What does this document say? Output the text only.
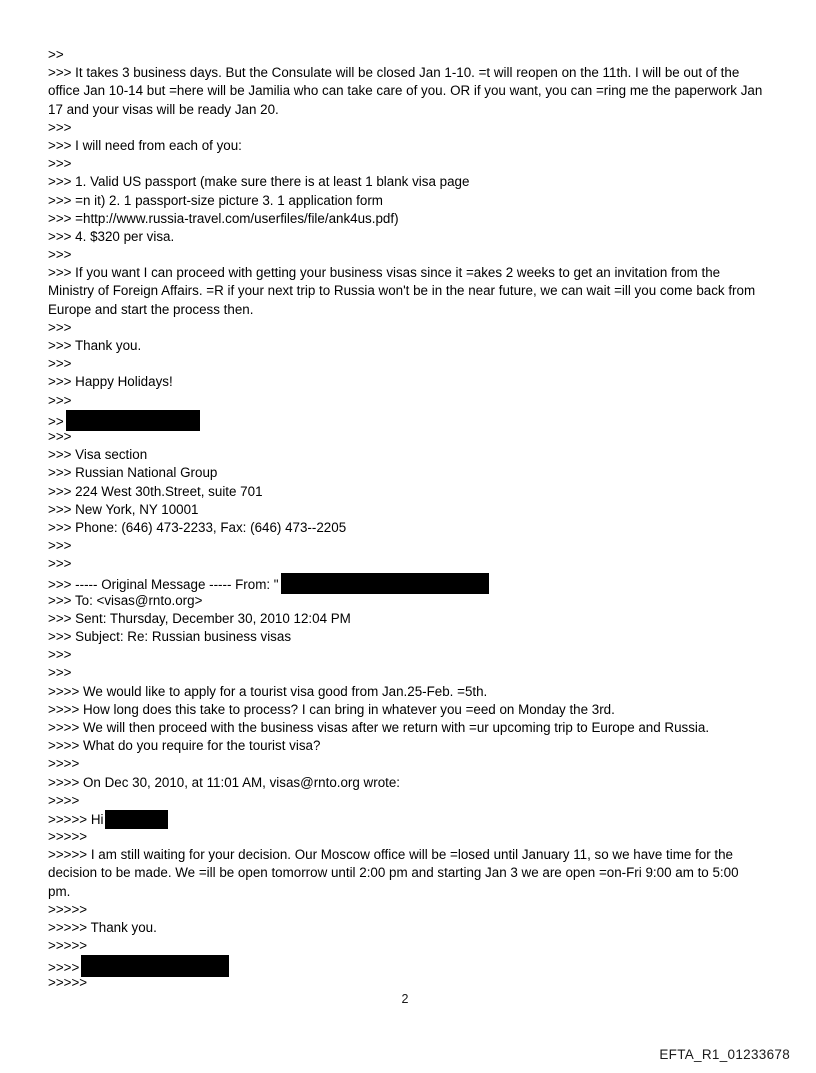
>>
>>> It takes 3 business days. But the Consulate will be closed Jan 1-10. =t will reopen on the 11th. I will be out of the
office Jan 10-14 but =here will be Jamilia who can take care of you. OR if you want, you can =ring me the paperwork Jan
17 and your visas will be ready Jan 20.
>>>
>>> I will need from each of you:
>>>
>>> 1. Valid US passport (make sure there is at least 1 blank visa page
>>> =n it) 2. 1 passport-size picture 3. 1 application form
>>> =http://www.russia-travel.com/userfiles/file/ank4us.pdf)
>>> 4. $320 per visa.
>>>
>>> If you want I can proceed with getting your business visas since it =akes 2 weeks to get an invitation from the
Ministry of Foreign Affairs. =R if your next trip to Russia won't be in the near future, we can wait =ill you come back from
Europe and start the process then.
>>>
>>> Thank you.
>>>
>>> Happy Holidays!
>>>
>>
>>>
>>> Visa section
>>> Russian National Group
>>> 224 West 30th.Street, suite 701
>>> New York, NY 10001
>>> Phone: (646) 473-2233, Fax: (646) 473--2205
>>>
>>>
>>> ----- Original Message ----- From: "
>>> To: <visas@rnto.org>
>>> Sent: Thursday, December 30, 2010 12:04 PM
>>> Subject: Re: Russian business visas
>>>
>>>
>>>> We would like to apply for a tourist visa good from Jan.25-Feb. =5th.
>>>> How long does this take to process? I can bring in whatever you =eed on Monday the 3rd.
>>>> We will then proceed with the business visas after we return with =ur upcoming trip to Europe and Russia.
>>>> What do you require for the tourist visa?
>>>>
>>>> On Dec 30, 2010, at 11:01 AM, visas@rnto.org wrote:
>>>>
>>>>> Hi
>>>>>
>>>>> I am still waiting for your decision. Our Moscow office will be =losed until January 11, so we have time for the
decision to be made. We =ill be open tomorrow until 2:00 pm and starting Jan 3 we are open =on-Fri 9:00 am to 5:00
pm.
>>>>>
>>>>> Thank you.
>>>>>
>>>>
>>>>>
2
EFTA_R1_01233678
